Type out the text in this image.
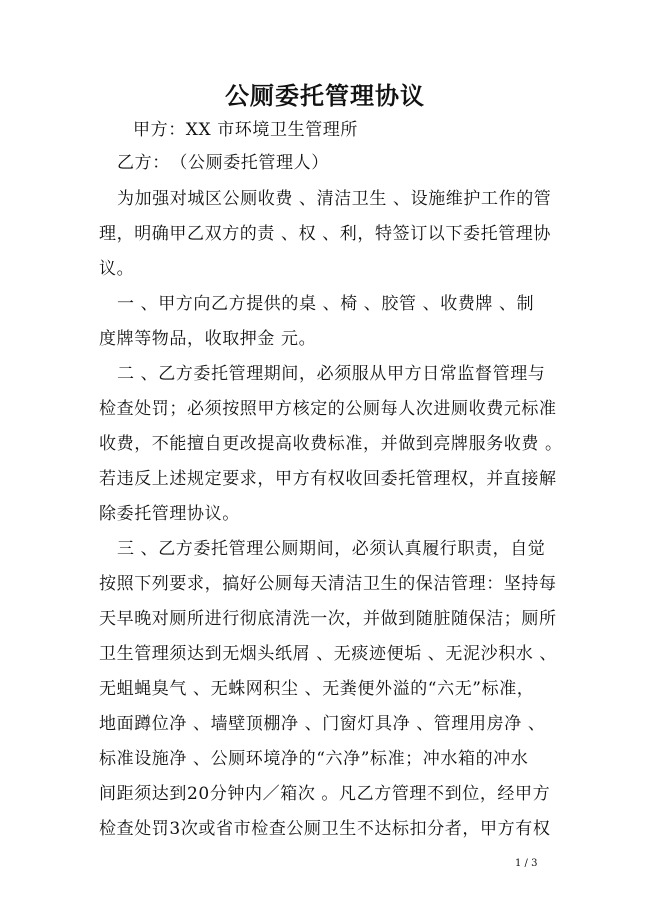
公厕委托管理协议
甲方：XX 市环境卫生管理所
乙方：　（公厕委托管理人）
为加强对城区公厕收费 、清洁卫生 、设施维护工作的管
理，明确甲乙双方的责 、权 、利，特签订以下委托管理协
议。
一 、甲方向乙方提供的桌 、椅 、胶管 、收费牌 、制
度牌等物品，收取押金 元。
二 、乙方委托管理期间，必须服从甲方日常监督管理与
检查处罚；必须按照甲方核定的公厕每人次进厕收费元标准
收费，不能擅自更改提高收费标准，并做到亮牌服务收费 。
若违反上述规定要求，甲方有权收回委托管理权，并直接解
除委托管理协议。
三 、乙方委托管理公厕期间，必须认真履行职责，自觉
按照下列要求，搞好公厕每天清洁卫生的保洁管理：坚持每
天早晚对厕所进行彻底清洗一次，并做到随脏随保洁；厕所
卫生管理须达到无烟头纸屑 、无痰迹便垢 、无泥沙积水 、
无蛆蝇臭气 、无蛛网积尘 、无粪便外溢的“六无”标准，
地面蹲位净 、墙壁顶棚净 、门窗灯具净 、管理用房净 、
标准设施净 、公厕环境净的“六净”标准；冲水箱的冲水
间距须达到20分钟内／箱次 。凡乙方管理不到位，经甲方
检查处罚3次或省市检查公厕卫生不达标扣分者，甲方有权
1 / 3
